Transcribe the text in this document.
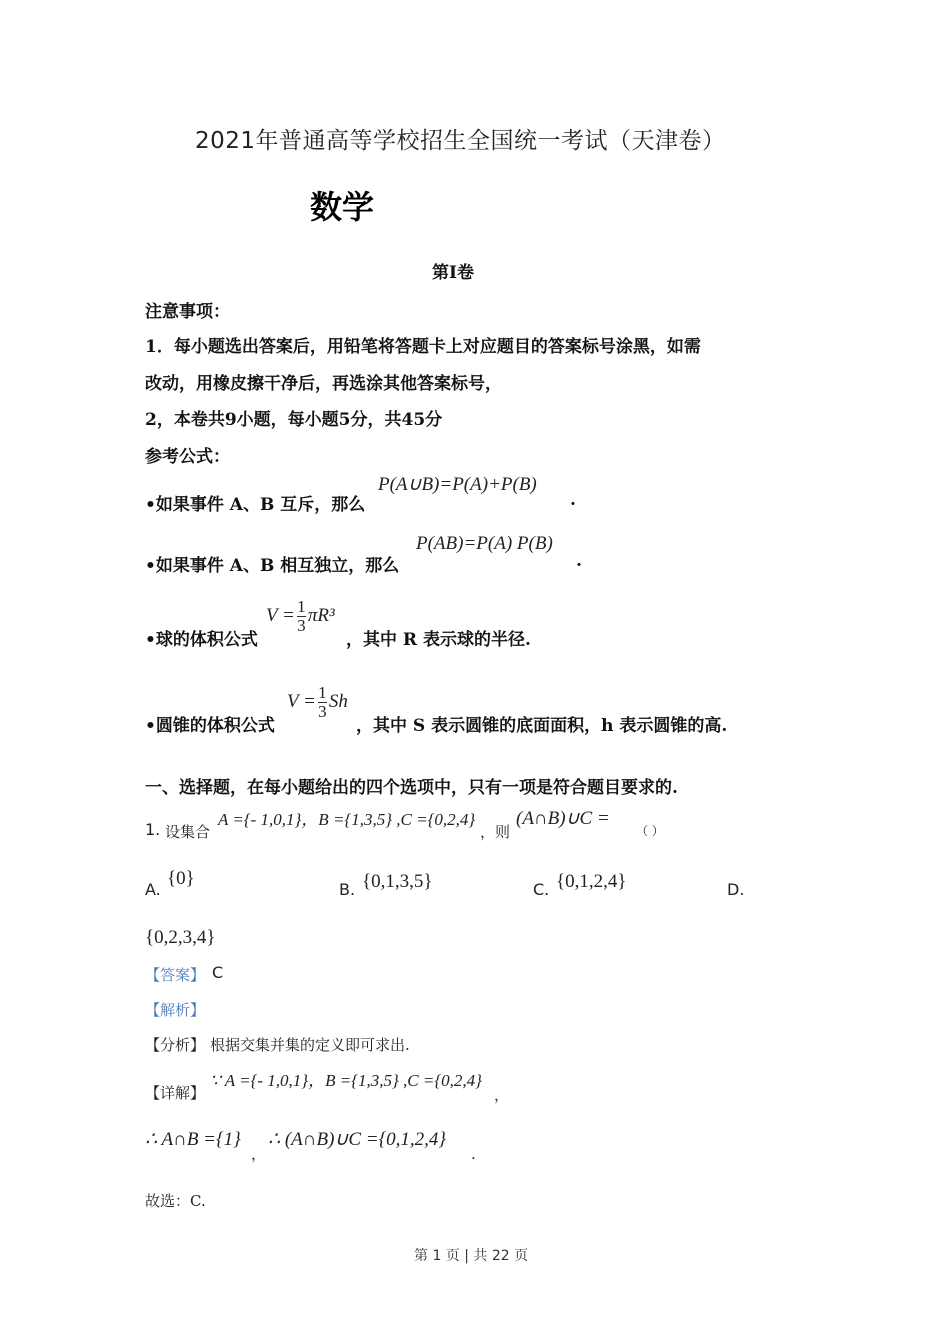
2021年普通高等学校招生全国统一考试（天津卷）
数学
第I卷
注意事项：
1．每小题选出答案后，用铅笔将答题卡上对应题目的答案标号涂黑，如需
改动，用橡皮擦干净后，再选涂其他答案标号，
2，本卷共9小题，每小题5分，共45分
参考公式：
•如果事件 A、B 互斥，那么
P(A∪B)=P(A)+P(B)
.
•如果事件 A、B 相互独立，那么
P(AB)=P(A) P(B)
.
•球的体积公式
$V = \frac{1}{3} \pi R^3$
，其中 R 表示球的半径.
•圆锥的体积公式
$V = \frac{1}{3}$ Sh
，其中 S 表示圆锥的底面面积，h 表示圆锥的高.
一、选择题，在每小题给出的四个选项中，只有一项是符合题目要求的.
1. 设集合
A ={- 1,0,1}，B ={1,3,5} ,C ={0,2,4}
，则
(A∩B)∪C =
（ ）
A.
{0}
B. {0,1,3,5}	C. {0,1,2,4}	D.
{0,2,3,4}
【答案】 C
【解析】
【分析】 根据交集并集的定义即可求出.
【详解】
∵ A ={- 1,0,1}，B ={1,3,5} ,C ={0,2,4}
，
∴ A∩B ={1}
，
∴ (A∩B)∪C ={0,1,2,4}
.
故选：C.
第 1 页 | 共 22 页
